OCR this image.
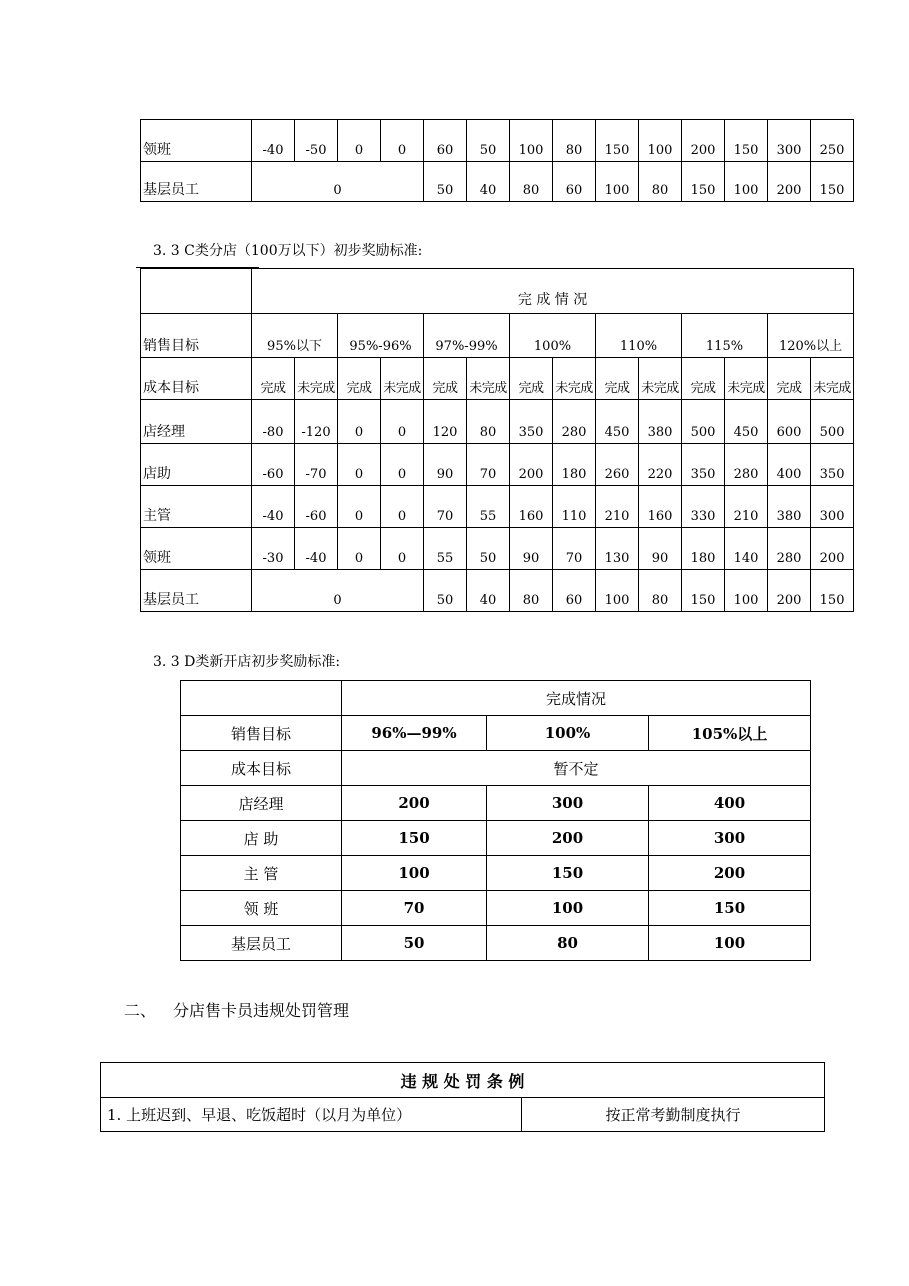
领班	-40	-50	0	0	60	50	100	80	150	100	200	150	300	250
基层员工	0				50	40	80	60	100	80	150	100	200	150
3. 3 C类分店（100万以下）初步奖励标准:
	完 成 情 况													
销售目标	95%以下		95%-96%		97%-99%		100%		110%		115%		120%以上	
成本目标	完成	未完成	完成	未完成	完成	未完成	完成	未完成	完成	未完成	完成	未完成	完成	未完成
店经理	-80	-120	0	0	120	80	350	280	450	380	500	450	600	500
店助	-60	-70	0	0	90	70	200	180	260	220	350	280	400	350
主管	-40	-60	0	0	70	55	160	110	210	160	330	210	380	300
领班	-30	-40	0	0	55	50	90	70	130	90	180	140	280	200
基层员工	0				50	40	80	60	100	80	150	100	200	150
3. 3 D类新开店初步奖励标准:
	完成情况		
销售目标	96%—99%	100%	105%以上
成本目标	暂不定		
店经理	200	300	400
店 助	150	200	300
主 管	100	150	200
领 班	70	100	150
基层员工	50	80	100
二、 分店售卡员违规处罚管理
违 规 处 罚 条 例
1. 上班迟到、早退、吃饭超时（以月为单位）	按正常考勤制度执行
